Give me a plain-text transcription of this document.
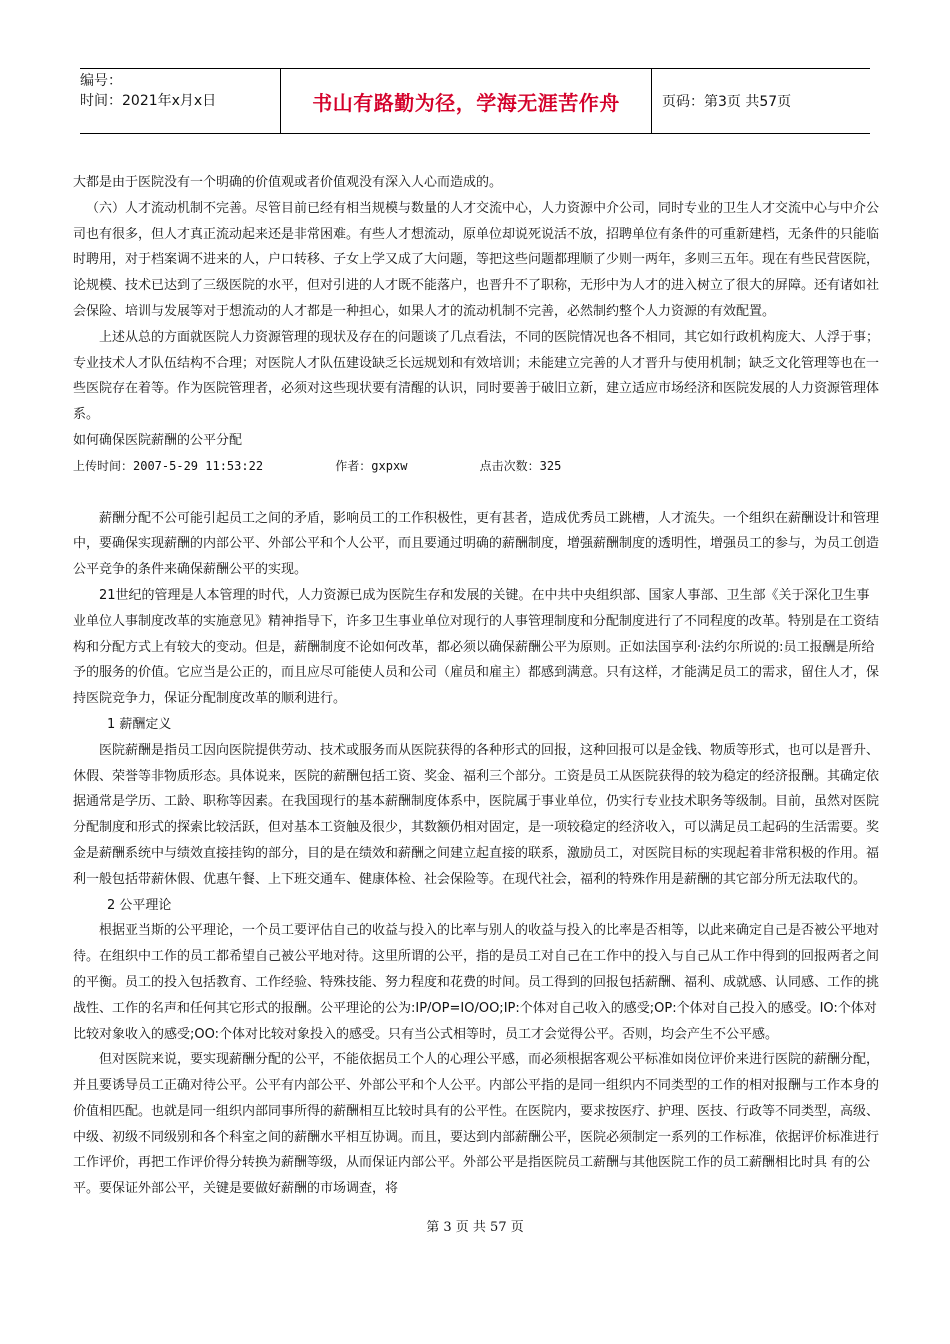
编号：
时间：2021年x月x日	书山有路勤为径，学海无涯苦作舟	页码：第3页 共57页

大都是由于医院没有一个明确的价值观或者价值观没有深入人心而造成的。

（六）人才流动机制不完善。尽管目前已经有相当规模与数量的人才交流中心，人力资源中介公司，同时专业的卫生人才交流中心与中介公司也有很多，但人才真正流动起来还是非常困难。有些人才想流动，原单位却说死说活不放，招聘单位有条件的可重新建档，无条件的只能临时聘用，对于档案调不进来的人，户口转移、子女上学又成了大问题，等把这些问题都理顺了少则一两年，多则三五年。现在有些民营医院，论规模、技术已达到了三级医院的水平，但对引进的人才既不能落户，也晋升不了职称，无形中为人才的进入树立了很大的屏障。还有诸如社会保险、培训与发展等对于想流动的人才都是一种担心，如果人才的流动机制不完善，必然制约整个人力资源的有效配置。

上述从总的方面就医院人力资源管理的现状及存在的问题谈了几点看法，不同的医院情况也各不相同，其它如行政机构庞大、人浮于事；专业技术人才队伍结构不合理；对医院人才队伍建设缺乏长远规划和有效培训；未能建立完善的人才晋升与使用机制；缺乏文化管理等也在一些医院存在着等。作为医院管理者，必须对这些现状要有清醒的认识，同时要善于破旧立新，建立适应市场经济和医院发展的人力资源管理体系。

如何确保医院薪酬的公平分配

上传时间：2007-5-29 11:53:22          作者：gxpxw          点击次数：325

薪酬分配不公可能引起员工之间的矛盾，影响员工的工作积极性，更有甚者，造成优秀员工跳槽，人才流失。一个组织在薪酬设计和管理中，要确保实现薪酬的内部公平、外部公平和个人公平，而且要通过明确的薪酬制度，增强薪酬制度的透明性，增强员工的参与，为员工创造公平竞争的条件来确保薪酬公平的实现。

21世纪的管理是人本管理的时代，人力资源已成为医院生存和发展的关键。在中共中央组织部、国家人事部、卫生部《关于深化卫生事业单位人事制度改革的实施意见》精神指导下，许多卫生事业单位对现行的人事管理制度和分配制度进行了不同程度的改革。特别是在工资结构和分配方式上有较大的变动。但是，薪酬制度不论如何改革，都必须以确保薪酬公平为原则。正如法国享利·法约尔所说的:员工报酬是所给予的服务的价值。它应当是公正的，而且应尽可能使人员和公司（雇员和雇主）都感到满意。只有这样，才能满足员工的需求，留住人才，保持医院竞争力，保证分配制度改革的顺利进行。

1 薪酬定义

医院薪酬是指员工因向医院提供劳动、技术或服务而从医院获得的各种形式的回报，这种回报可以是金钱、物质等形式，也可以是晋升、休假、荣誉等非物质形态。具体说来，医院的薪酬包括工资、奖金、福利三个部分。工资是员工从医院获得的较为稳定的经济报酬。其确定依据通常是学历、工龄、职称等因素。在我国现行的基本薪酬制度体系中，医院属于事业单位，仍实行专业技术职务等级制。目前，虽然对医院分配制度和形式的探索比较活跃，但对基本工资触及很少，其数额仍相对固定，是一项较稳定的经济收入，可以满足员工起码的生活需要。奖金是薪酬系统中与绩效直接挂钩的部分，目的是在绩效和薪酬之间建立起直接的联系，激励员工，对医院目标的实现起着非常积极的作用。福利一般包括带薪休假、优惠午餐、上下班交通车、健康体检、社会保险等。在现代社会，福利的特殊作用是薪酬的其它部分所无法取代的。

2 公平理论

根据亚当斯的公平理论，一个员工要评估自己的收益与投入的比率与别人的收益与投入的比率是否相等，以此来确定自己是否被公平地对待。在组织中工作的员工都希望自己被公平地对待。这里所谓的公平，指的是员工对自己在工作中的投入与自己从工作中得到的回报两者之间的平衡。员工的投入包括教育、工作经验、特殊技能、努力程度和花费的时间。员工得到的回报包括薪酬、福利、成就感、认同感、工作的挑战性、工作的名声和任何其它形式的报酬。公平理论的公为:IP/OP=IO/OO;IP:个体对自己收入的感受;OP:个体对自己投入的感受。IO:个体对比较对象收入的感受;OO:个体对比较对象投入的感受。只有当公式相等时，员工才会觉得公平。否则，均会产生不公平感。

但对医院来说，要实现薪酬分配的公平，不能依据员工个人的心理公平感，而必须根据客观公平标准如岗位评价来进行医院的薪酬分配，并且要诱导员工正确对待公平。公平有内部公平、外部公平和个人公平。内部公平指的是同一组织内不同类型的工作的相对报酬与工作本身的价值相匹配。也就是同一组织内部同事所得的薪酬相互比较时具有的公平性。在医院内，要求按医疗、护理、医技、行政等不同类型，高级、中级、初级不同级别和各个科室之间的薪酬水平相互协调。而且，要达到内部薪酬公平，医院必须制定一系列的工作标准，依据评价标准进行工作评价，再把工作评价得分转换为薪酬等级，从而保证内部公平。外部公平是指医院员工薪酬与其他医院工作的员工薪酬相比时具 有的公平。要保证外部公平，关键是要做好薪酬的市场调查，将

第 3 页 共 57 页
